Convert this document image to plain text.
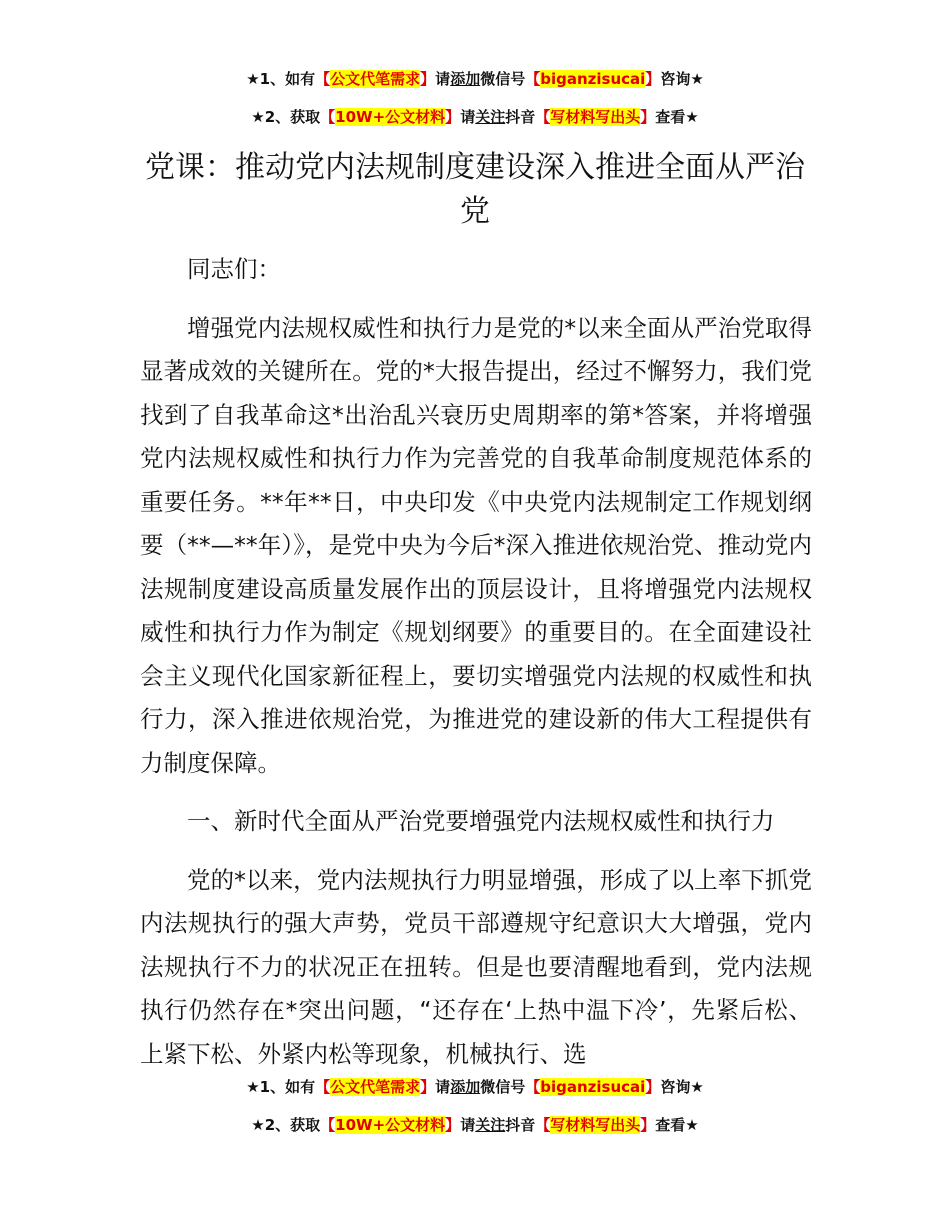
★1、如有【公文代笔需求】请添加微信号【biganzisucai】咨询★
★2、获取【10W+公文材料】请关注抖音【写材料写出头】查看★
党课：推动党内法规制度建设深入推进全面从严治党

同志们：

增强党内法规权威性和执行力是党的*以来全面从严治党取得显著成效的关键所在。党的*大报告提出，经过不懈努力，我们党找到了自我革命这*出治乱兴衰历史周期率的第*答案，并将增强党内法规权威性和执行力作为完善党的自我革命制度规范体系的重要任务。**年**日，中央印发《中央党内法规制定工作规划纲要（**—**年）》，是党中央为今后*深入推进依规治党、推动党内法规制度建设高质量发展作出的顶层设计，且将增强党内法规权威性和执行力作为制定《规划纲要》的重要目的。在全面建设社会主义现代化国家新征程上，要切实增强党内法规的权威性和执行力，深入推进依规治党，为推进党的建设新的伟大工程提供有力制度保障。

一、新时代全面从严治党要增强党内法规权威性和执行力

党的*以来，党内法规执行力明显增强，形成了以上率下抓党内法规执行的强大声势，党员干部遵规守纪意识大大增强，党内法规执行不力的状况正在扭转。但是也要清醒地看到，党内法规执行仍然存在*突出问题，“还存在‘上热中温下冷’，先紧后松、上紧下松、外紧内松等现象，机械执行、选

★1、如有【公文代笔需求】请添加微信号【biganzisucai】咨询★
★2、获取【10W+公文材料】请关注抖音【写材料写出头】查看★
